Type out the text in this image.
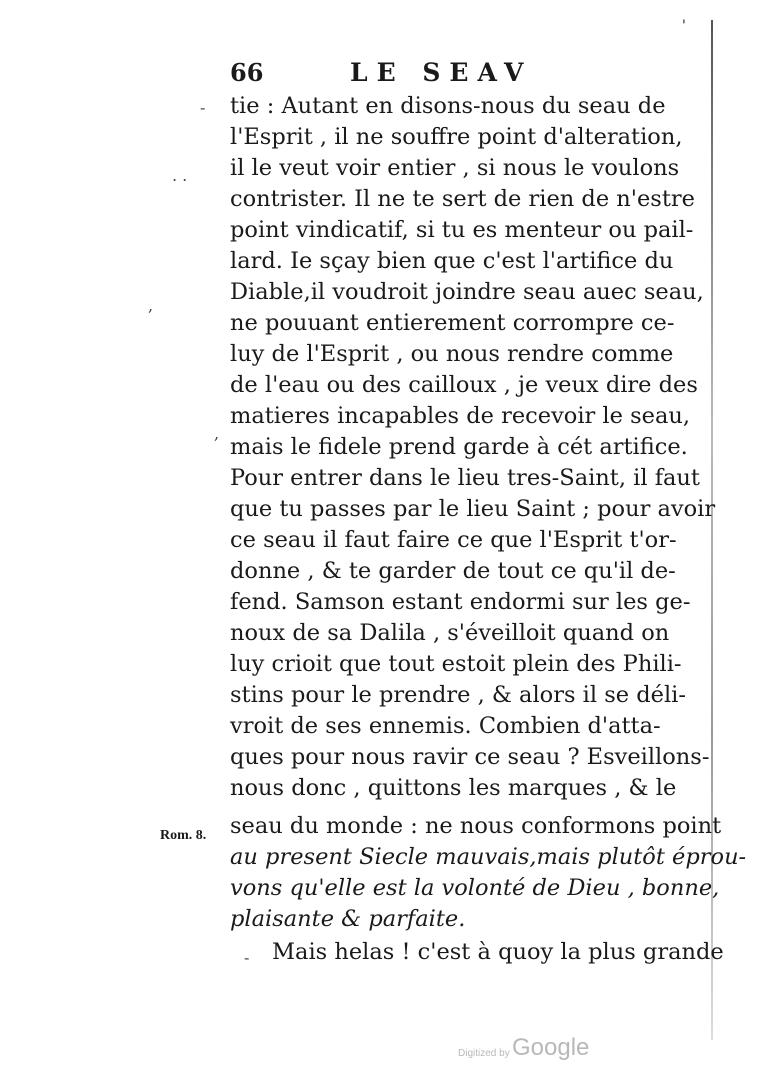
'
66	LE SEAV
-
. .
,
,
-
Rom. 8.
tie : Autant en disons-nous du seau de
l'Esprit , il ne souffre point d'alteration,
il le veut voir entier , si nous le voulons
contrister. Il ne te sert de rien de n'estre
point vindicatif, si tu es menteur ou pail-
lard. Ie sçay bien que c'est l'artifice du
Diable,il voudroit joindre seau auec seau,
ne pouuant entierement corrompre ce-
luy de l'Esprit , ou nous rendre comme
de l'eau ou des cailloux , je veux dire des
matieres incapables de recevoir le seau,
mais le fidele prend garde à cét artifice.
Pour entrer dans le lieu tres-Saint, il faut
que tu passes par le lieu Saint ; pour avoir
ce seau il faut faire ce que l'Esprit t'or-
donne , & te garder de tout ce qu'il de-
fend. Samson estant endormi sur les ge-
noux de sa Dalila , s'éveilloit quand on
luy crioit que tout estoit plein des Phili-
stins pour le prendre , & alors il se déli-
vroit de ses ennemis. Combien d'atta-
ques pour nous ravir ce seau ? Esveillons-
nous donc , quittons les marques , & le
seau du monde : ne nous conformons point
au present Siecle mauvais,mais plutôt éprou-
vons qu'elle est la volonté de Dieu , bonne,
plaisante & parfaite.
Mais helas ! c'est à quoy la plus grande
Digitized by Google
